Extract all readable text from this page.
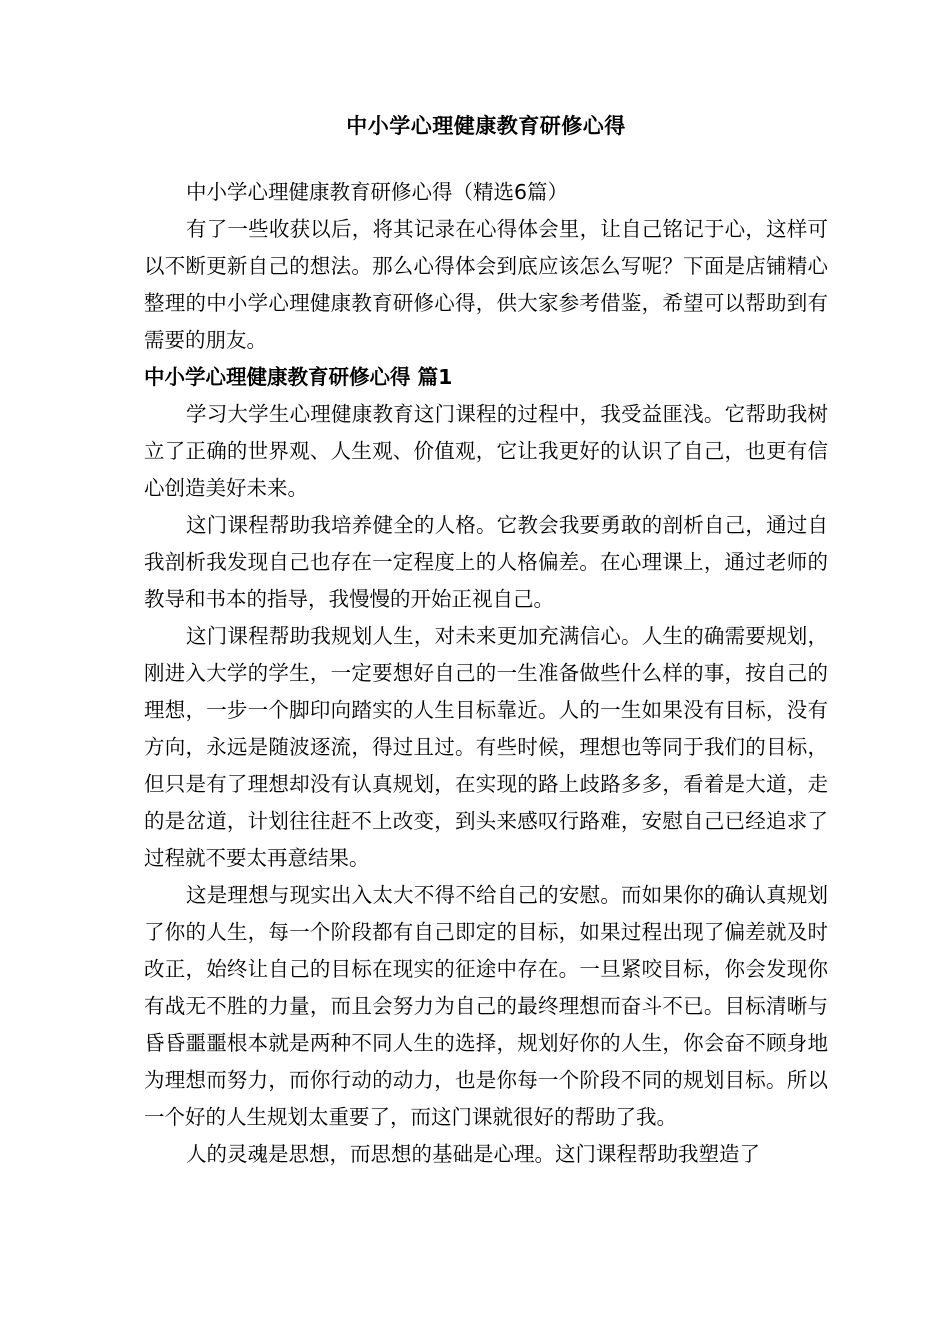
中小学心理健康教育研修心得

中小学心理健康教育研修心得（精选6篇）

有了一些收获以后，将其记录在心得体会里，让自己铭记于心，这样可以不断更新自己的想法。那么心得体会到底应该怎么写呢？下面是店铺精心整理的中小学心理健康教育研修心得，供大家参考借鉴，希望可以帮助到有需要的朋友。

中小学心理健康教育研修心得 篇1

学习大学生心理健康教育这门课程的过程中，我受益匪浅。它帮助我树立了正确的世界观、人生观、价值观，它让我更好的认识了自己，也更有信心创造美好未来。

这门课程帮助我培养健全的人格。它教会我要勇敢的剖析自己，通过自我剖析我发现自己也存在一定程度上的人格偏差。在心理课上，通过老师的教导和书本的指导，我慢慢的开始正视自己。

这门课程帮助我规划人生，对未来更加充满信心。人生的确需要规划，刚进入大学的学生，一定要想好自己的一生准备做些什么样的事，按自己的理想，一步一个脚印向踏实的人生目标靠近。人的一生如果没有目标，没有方向，永远是随波逐流，得过且过。有些时候，理想也等同于我们的目标，但只是有了理想却没有认真规划，在实现的路上歧路多多，看着是大道，走的是岔道，计划往往赶不上改变，到头来感叹行路难，安慰自己已经追求了过程就不要太再意结果。

这是理想与现实出入太大不得不给自己的安慰。而如果你的确认真规划了你的人生，每一个阶段都有自己即定的目标，如果过程出现了偏差就及时改正，始终让自己的目标在现实的征途中存在。一旦紧咬目标，你会发现你有战无不胜的力量，而且会努力为自己的最终理想而奋斗不已。目标清晰与昏昏噩噩根本就是两种不同人生的选择，规划好你的人生，你会奋不顾身地为理想而努力，而你行动的动力，也是你每一个阶段不同的规划目标。所以一个好的人生规划太重要了，而这门课就很好的帮助了我。

人的灵魂是思想，而思想的基础是心理。这门课程帮助我塑造了
